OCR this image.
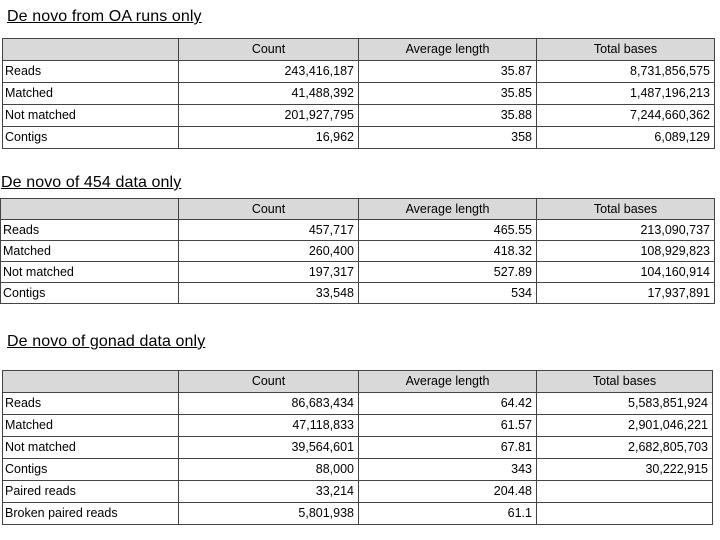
De novo from OA runs only
	Count	Average length	Total bases
Reads	243,416,187	35.87	8,731,856,575
Matched	41,488,392	35.85	1,487,196,213
Not matched	201,927,795	35.88	7,244,660,362
Contigs	16,962	358	6,089,129
De novo of 454 data only
	Count	Average length	Total bases
Reads	457,717	465.55	213,090,737
Matched	260,400	418.32	108,929,823
Not matched	197,317	527.89	104,160,914
Contigs	33,548	534	17,937,891
De novo of gonad data only
	Count	Average length	Total bases
Reads	86,683,434	64.42	5,583,851,924
Matched	47,118,833	61.57	2,901,046,221
Not matched	39,564,601	67.81	2,682,805,703
Contigs	88,000	343	30,222,915
Paired reads	33,214	204.48	
Broken paired reads	5,801,938	61.1	
